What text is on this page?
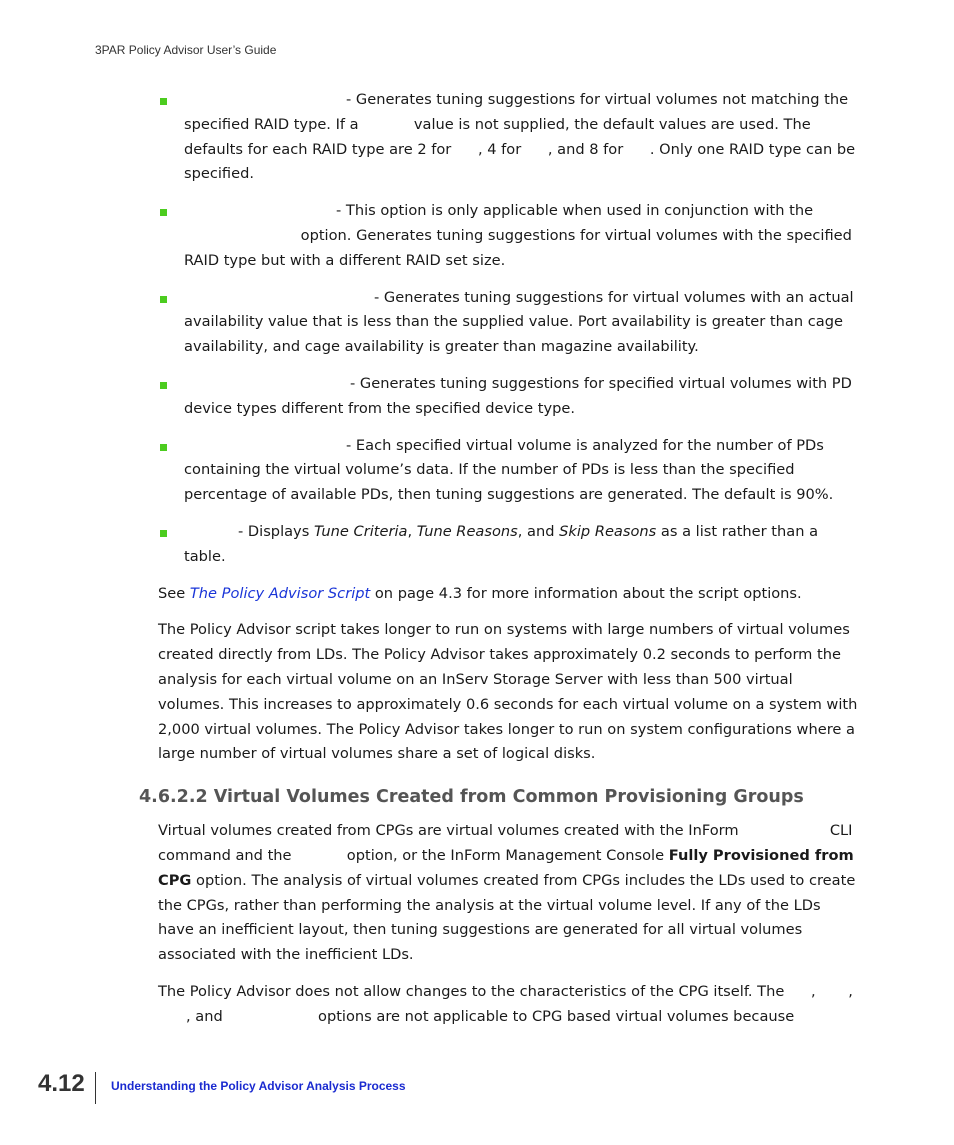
3PAR Policy Advisor User’s Guide
- Generates tuning suggestions for virtual volumes not matching the specified RAID type. If a	value is not supplied, the default values are used. The defaults for each RAID type are 2 for , 4 for , and 8 for . Only one RAID type can be specified.
- This option is only applicable when used in conjunction with the  option. Generates tuning suggestions for virtual volumes with the specified RAID type but with a different RAID set size.
- Generates tuning suggestions for virtual volumes with an actual availability value that is less than the supplied value. Port availability is greater than cage availability, and cage availability is greater than magazine availability.
- Generates tuning suggestions for specified virtual volumes with PD device types different from the specified device type.
- Each specified virtual volume is analyzed for the number of PDs containing the virtual volume’s data. If the number of PDs is less than the specified percentage of available PDs, then tuning suggestions are generated. The default is 90%.
- Displays Tune Criteria, Tune Reasons, and Skip Reasons as a list rather than a table.

See The Policy Advisor Script on page 4.3 for more information about the script options.

The Policy Advisor script takes longer to run on systems with large numbers of virtual volumes created directly from LDs. The Policy Advisor takes approximately 0.2 seconds to perform the analysis for each virtual volume on an InServ Storage Server with less than 500 virtual volumes. This increases to approximately 0.6 seconds for each virtual volume on a system with 2,000 virtual volumes. The Policy Advisor takes longer to run on system configurations where a large number of virtual volumes share a set of logical disks.

4.6.2.2 Virtual Volumes Created from Common Provisioning Groups

Virtual volumes created from CPGs are virtual volumes created with the InForm	CLI command and the	option, or the InForm Management Console Fully Provisioned from CPG option. The analysis of virtual volumes created from CPGs includes the LDs used to create the CPGs, rather than performing the analysis at the virtual volume level. If any of the LDs have an inefficient layout, then tuning suggestions are generated for all virtual volumes associated with the inefficient LDs.

The Policy Advisor does not allow changes to the characteristics of the CPG itself. The , , , and	options are not applicable to CPG based virtual volumes because

4.12 Understanding the Policy Advisor Analysis Process
